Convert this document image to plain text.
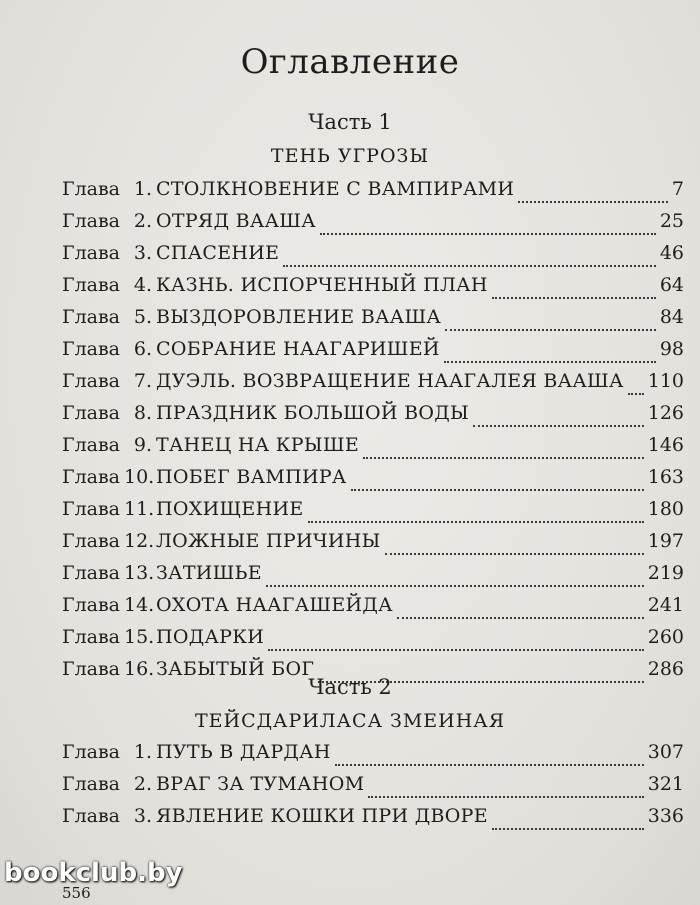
Оглавление
Часть 1
ТЕНЬ УГРОЗЫ
Глава 1. СТОЛКНОВЕНИЕ С ВАМПИРАМИ	7
Глава 2. ОТРЯД ВААША	25
Глава 3. СПАСЕНИЕ	46
Глава 4. КАЗНЬ. ИСПОРЧЕННЫЙ ПЛАН	64
Глава 5. ВЫЗДОРОВЛЕНИЕ ВААША	84
Глава 6. СОБРАНИЕ НААГАРИШЕЙ	98
Глава 7. ДУЭЛЬ. ВОЗВРАЩЕНИЕ НААГАЛЕЯ ВААША 110
Глава 8. ПРАЗДНИК БОЛЬШОЙ ВОДЫ	126
Глава 9. ТАНЕЦ НА КРЫШЕ	146
Глава 10. ПОБЕГ ВАМПИРА	163
Глава 11. ПОХИЩЕНИЕ	180
Глава 12. ЛОЖНЫЕ ПРИЧИНЫ	197
Глава 13. ЗАТИШЬЕ	219
Глава 14. ОХОТА НААГАШЕЙДА	241
Глава 15. ПОДАРКИ	260
Глава 16. ЗАБЫТЫЙ БОГ	286
Часть 2
ТЕЙСДАРИЛАСА ЗМЕИНАЯ
Глава 1. ПУТЬ В ДАРДАН	307
Глава 2. ВРАГ ЗА ТУМАНОМ	321
Глава 3. ЯВЛЕНИЕ КОШКИ ПРИ ДВОРЕ	336
bookclub.by
556
